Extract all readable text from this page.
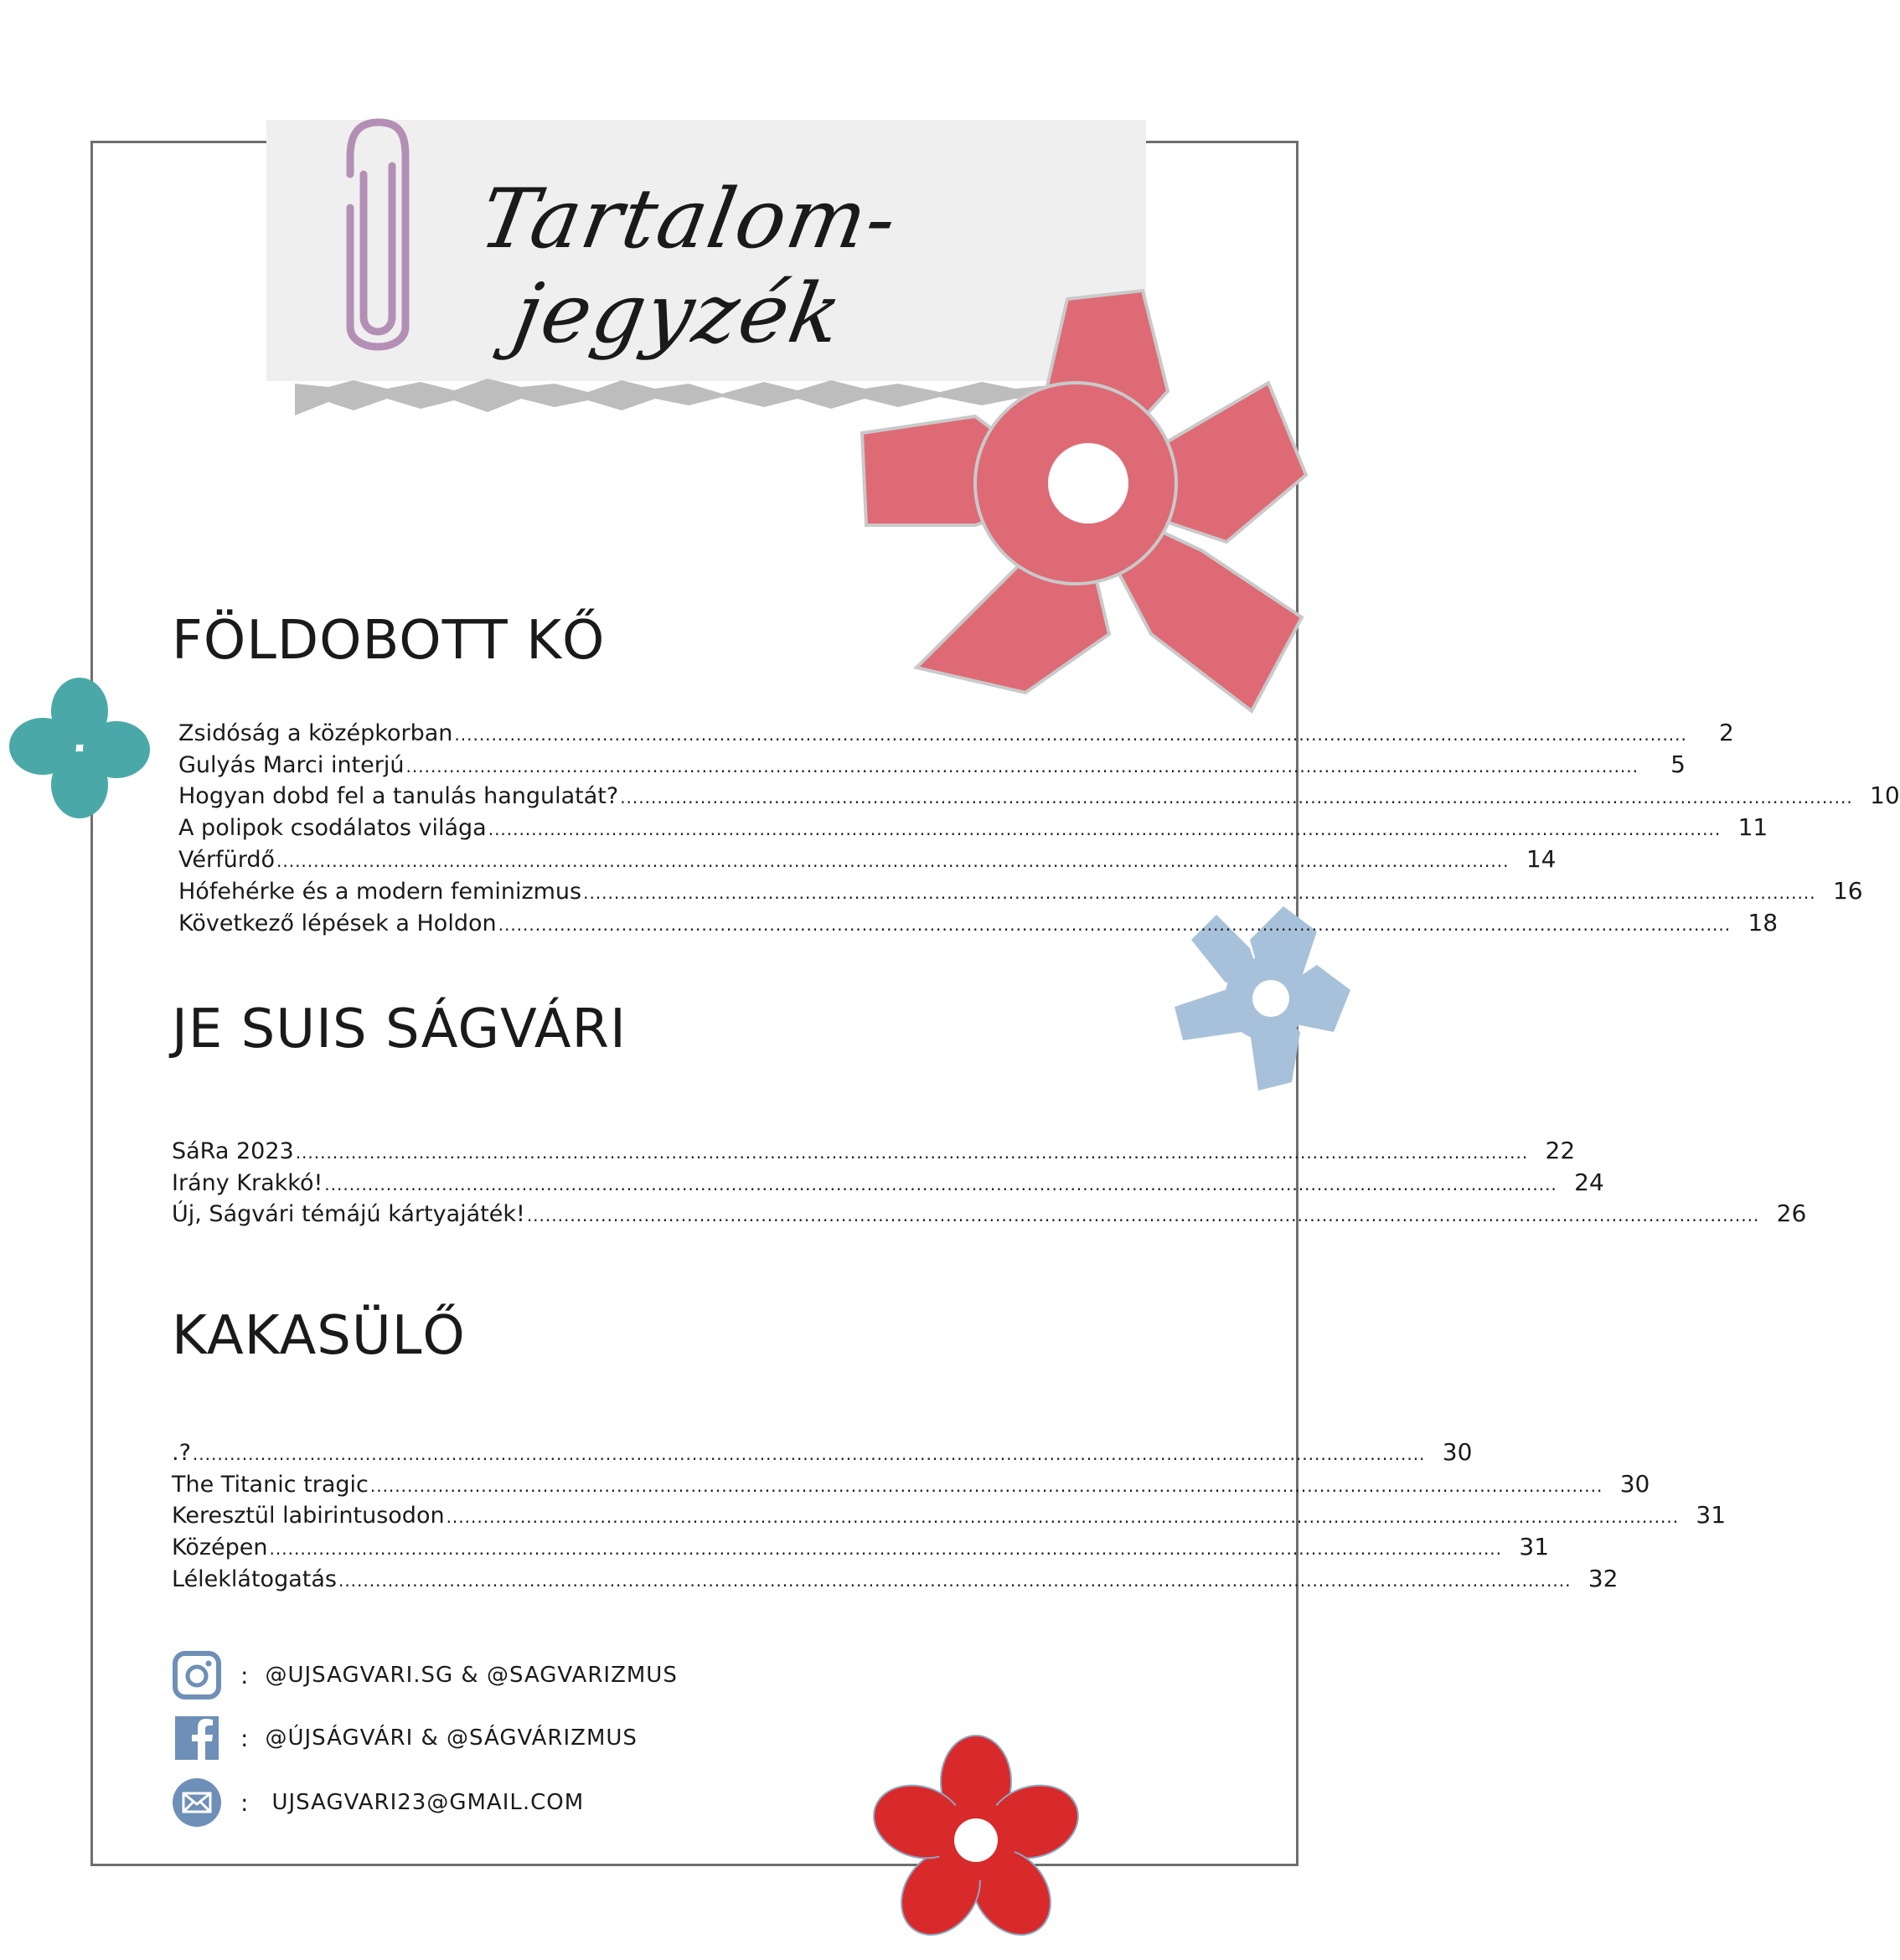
Tartalom-
jegyzék
FÖLDOBOTT KŐ
Zsidóság a középkorban ........................................................................................................................................................................................................	2
Gulyás Marci interjú ........................................................................................................................................................................................................	5
Hogyan dobd fel a tanulás hangulatát? ........................................................................................................................................................................................................ 10
A polipok csodálatos világa ........................................................................................................................................................................................................ 11
Vérfürdő ........................................................................................................................................................................................................ 14
Hófehérke és a modern feminizmus ........................................................................................................................................................................................................ 16
Következő lépések a Holdon ........................................................................................................................................................................................................ 18
JE SUIS SÁGVÁRI
SáRa 2023 ........................................................................................................................................................................................................ 22
Irány Krakkó! ........................................................................................................................................................................................................ 24
Új, Ságvári témájú kártyajáték! ........................................................................................................................................................................................................ 26
KAKASÜLŐ
.? ........................................................................................................................................................................................................ 30
The Titanic tragic ........................................................................................................................................................................................................ 30
Keresztül labirintusodon ........................................................................................................................................................................................................ 31
Középen ........................................................................................................................................................................................................ 31
Léleklátogatás ........................................................................................................................................................................................................ 32
: @UJSAGVARI.SG & @SAGVARIZMUS
: @ÚJSÁGVÁRI & @SÁGVÁRIZMUS
: UJSAGVARI23@GMAIL.COM
